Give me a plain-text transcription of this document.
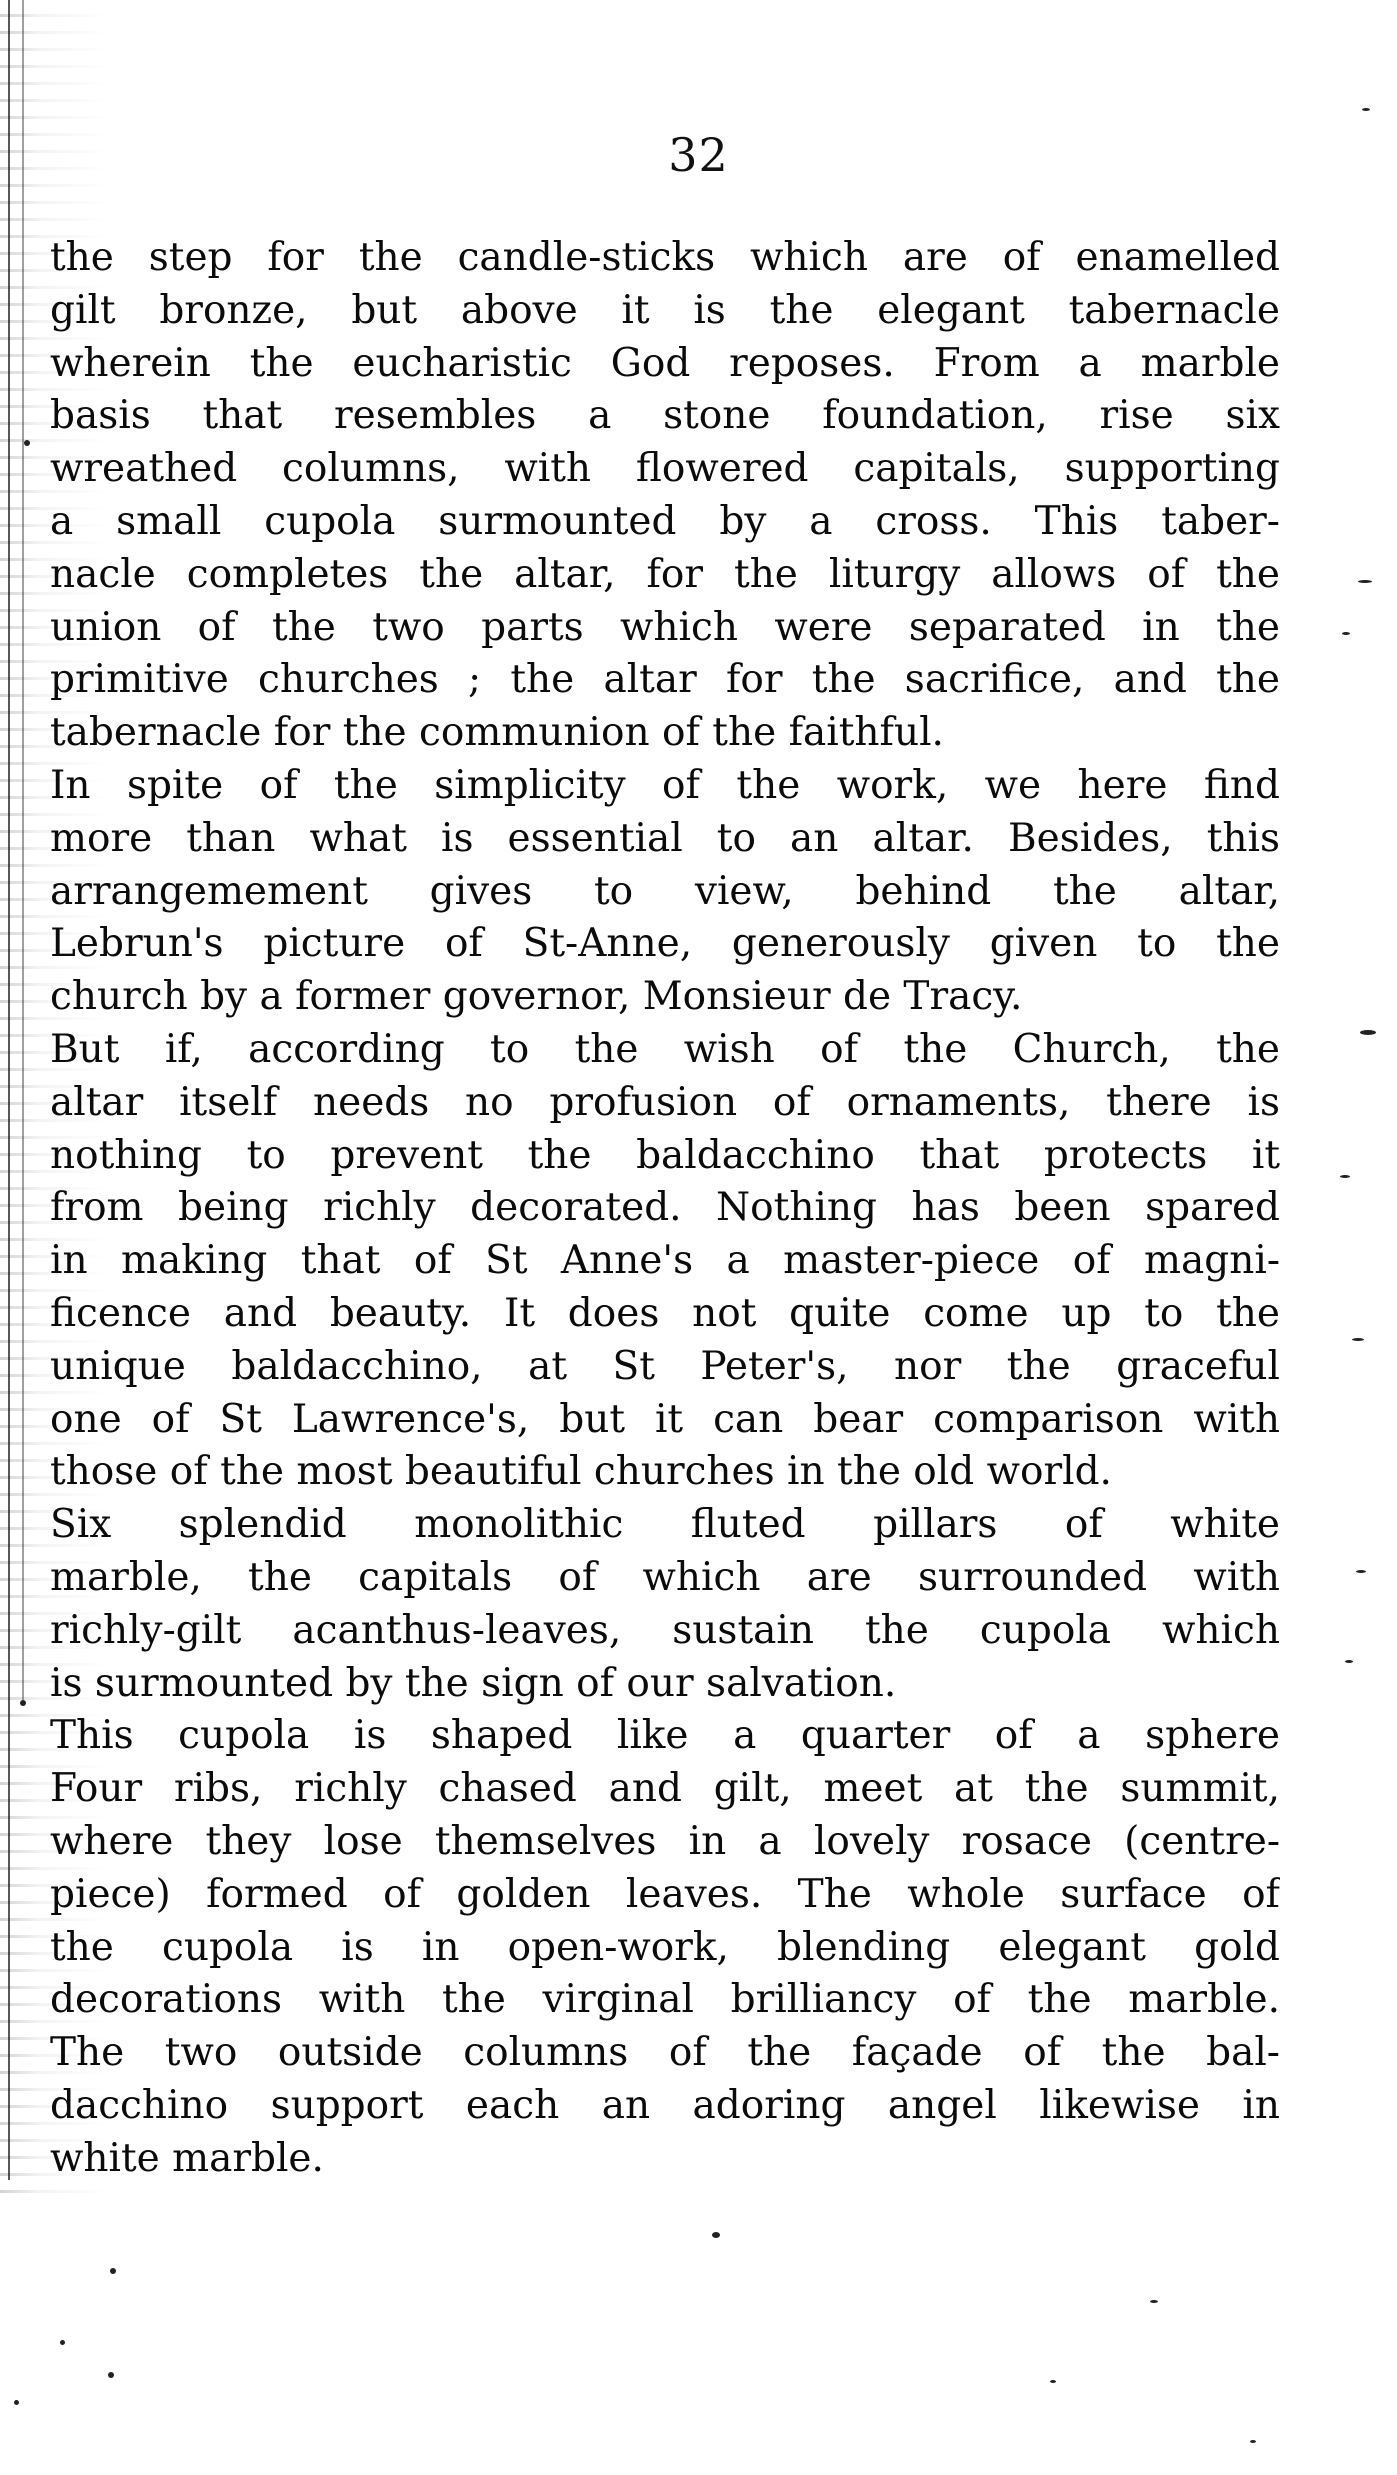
32
the step for the candle-sticks which are of enamelled
gilt bronze, but above it is the elegant tabernacle
wherein the eucharistic God reposes. From a marble
basis that resembles a stone foundation, rise six
wreathed columns, with flowered capitals, supporting
a small cupola surmounted by a cross. This taber-
nacle completes the altar, for the liturgy allows of the
union of the two parts which were separated in the
primitive churches ; the altar for the sacrifice, and the
tabernacle for the communion of the faithful.
In spite of the simplicity of the work, we here find
more than what is essential to an altar. Besides, this
arrangemement gives to view, behind the altar,
Lebrun's picture of St-Anne, generously given to the
church by a former governor, Monsieur de Tracy.
But if, according to the wish of the Church, the
altar itself needs no profusion of ornaments, there is
nothing to prevent the baldacchino that protects it
from being richly decorated. Nothing has been spared
in making that of St Anne's a master-piece of magni-
ficence and beauty. It does not quite come up to the
unique baldacchino, at St Peter's, nor the graceful
one of St Lawrence's, but it can bear comparison with
those of the most beautiful churches in the old world.
Six splendid monolithic fluted pillars of white
marble, the capitals of which are surrounded with
richly-gilt acanthus-leaves, sustain the cupola which
is surmounted by the sign of our salvation.
This cupola is shaped like a quarter of a sphere
Four ribs, richly chased and gilt, meet at the summit,
where they lose themselves in a lovely rosace (centre-
piece) formed of golden leaves. The whole surface of
the cupola is in open-work, blending elegant gold
decorations with the virginal brilliancy of the marble.
The two outside columns of the façade of the bal-
dacchino support each an adoring angel likewise in
white marble.
